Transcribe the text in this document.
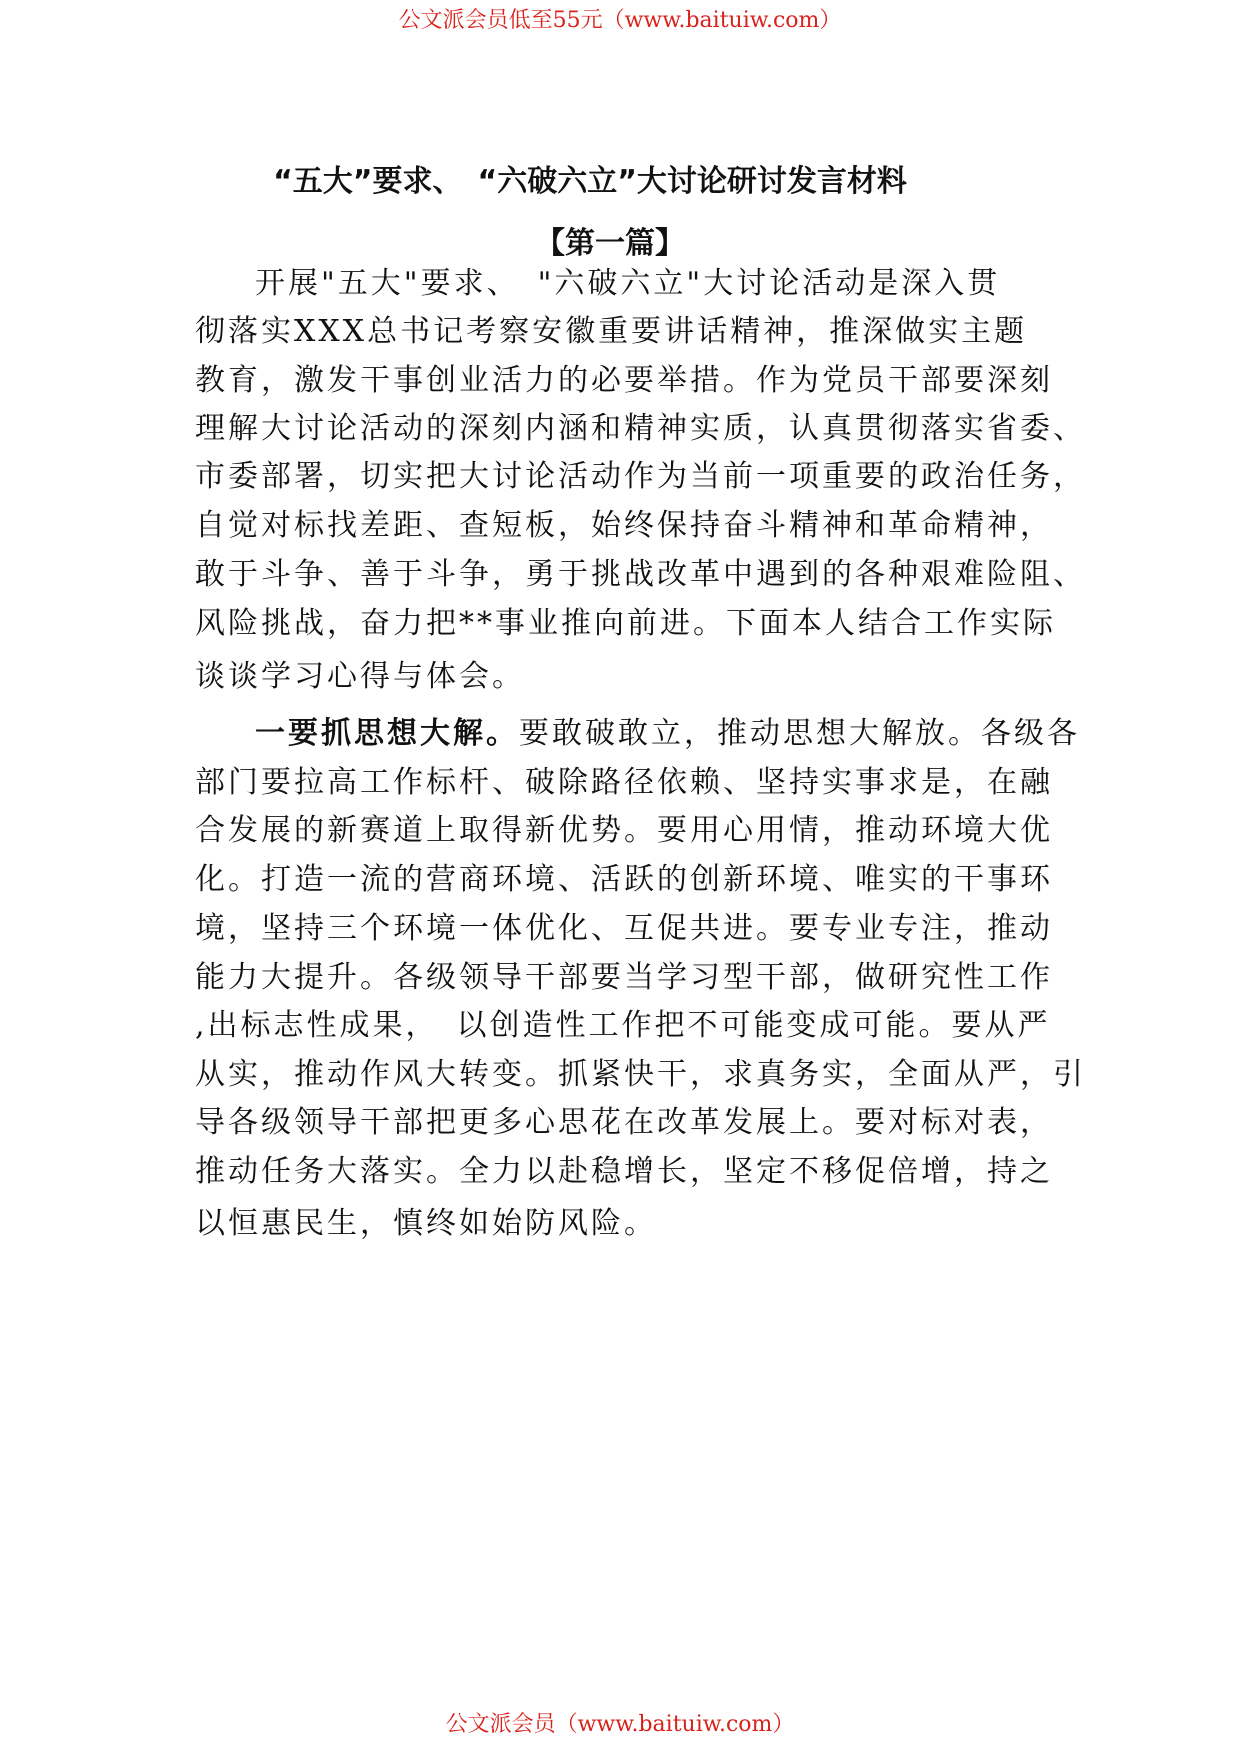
公文派会员低至55元（www.baituiw.com）
“五大”要求、　“六破六立”大讨论研讨发言材料
【第一篇】
开展"五大"要求、　"六破六立"大讨论活动是深入贯
彻落实XXX总书记考察安徽重要讲话精神，推深做实主题
教育，激发干事创业活力的必要举措。作为党员干部要深刻
理解大讨论活动的深刻内涵和精神实质，认真贯彻落实省委、
市委部署，切实把大讨论活动作为当前一项重要的政治任务，
自觉对标找差距、查短板，始终保持奋斗精神和革命精神，
敢于斗争、善于斗争，勇于挑战改革中遇到的各种艰难险阻、
风险挑战，奋力把**事业推向前进。下面本人结合工作实际
谈谈学习心得与体会。
一要抓思想大解。要敢破敢立，推动思想大解放。各级各
部门要拉高工作标杆、破除路径依赖、坚持实事求是，在融
合发展的新赛道上取得新优势。要用心用情，推动环境大优
化。打造一流的营商环境、活跃的创新环境、唯实的干事环
境，坚持三个环境一体优化、互促共进。要专业专注，推动
能力大提升。各级领导干部要当学习型干部，做研究性工作
,出标志性成果，　以创造性工作把不可能变成可能。要从严
从实，推动作风大转变。抓紧快干，求真务实，全面从严，引
导各级领导干部把更多心思花在改革发展上。要对标对表，
推动任务大落实。全力以赴稳增长，坚定不移促倍增，持之
以恒惠民生，慎终如始防风险。
公文派会员（www.baituiw.com）
